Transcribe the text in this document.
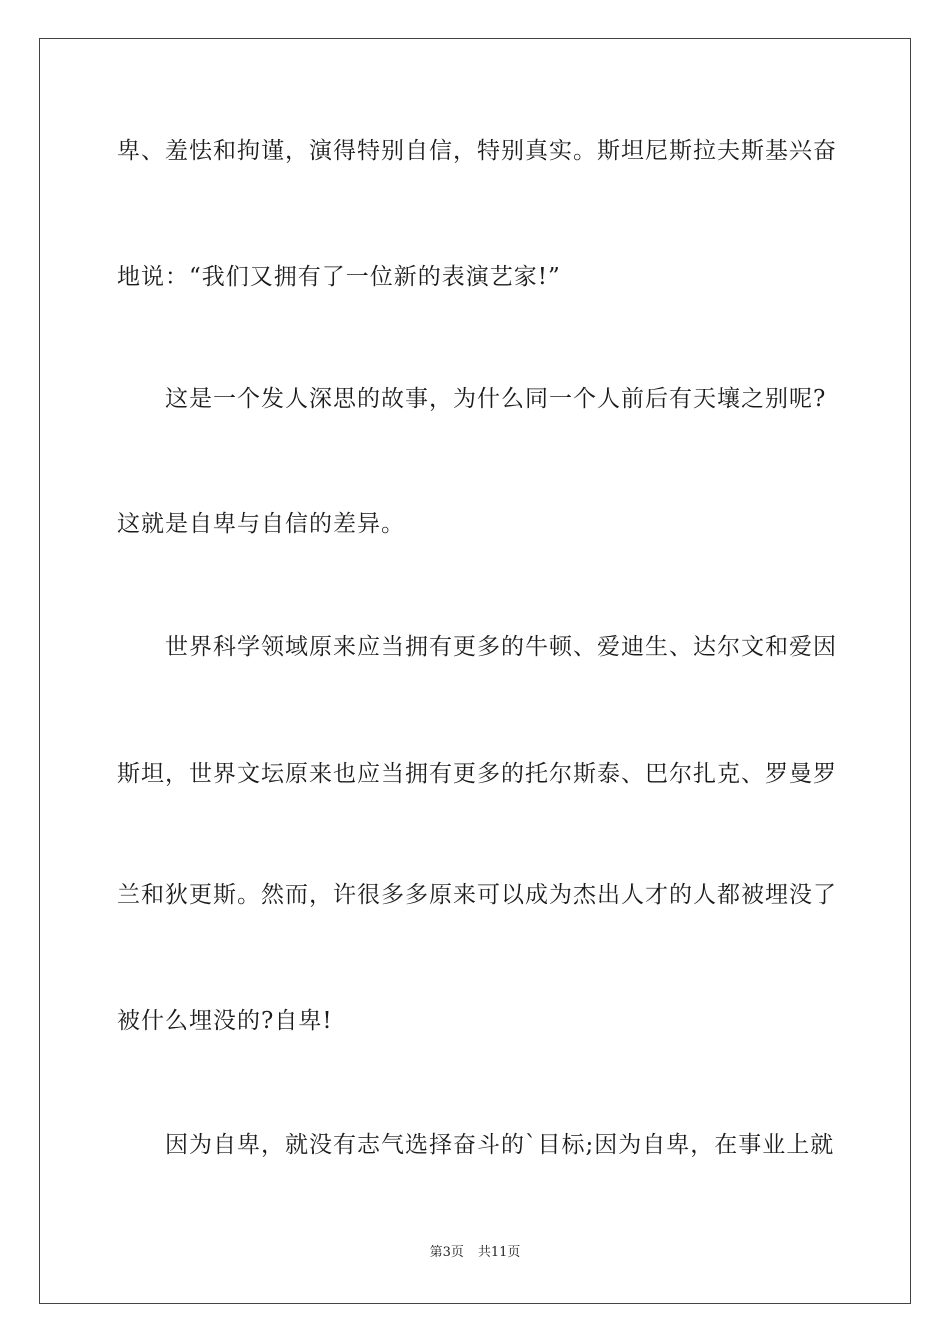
卑、羞怯和拘谨，演得特别自信，特别真实。斯坦尼斯拉夫斯基兴奋
地说：“我们又拥有了一位新的表演艺家!”
这是一个发人深思的故事，为什么同一个人前后有天壤之别呢?
这就是自卑与自信的差异。
世界科学领域原来应当拥有更多的牛顿、爱迪生、达尔文和爱因
斯坦，世界文坛原来也应当拥有更多的托尔斯泰、巴尔扎克、罗曼罗
兰和狄更斯。然而，许很多多原来可以成为杰出人才的人都被埋没了
被什么埋没的?自卑!
因为自卑，就没有志气选择奋斗的`目标;因为自卑，在事业上就
第3页 共11页
